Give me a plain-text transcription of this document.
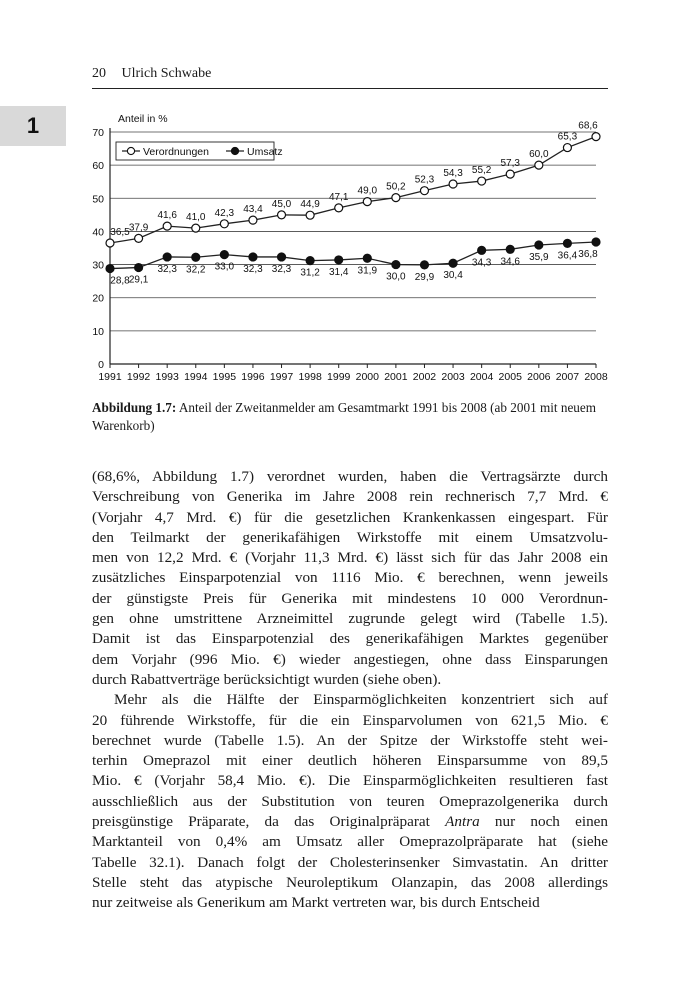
1
20 Ulrich Schwabe
Anteil in %
0
10
20
30
40
50
60
70
1991 1992 1993 1994 1995 1996 1997 1998 1999 2000 2001 2002 2003 2004 2005 2006 2007 2008
36,5 37,9
41,6 41,0 42,3 43,4 45,0 44,9
47,1
49,0 50,2
52,3
54,3 55,2
57,3
60,0
65,3
68,6
28,8 29,1
32,3 32,2 33,0 32,3 32,3 31,2 31,4 31,9
30,0 29,9 30,4
34,3 34,6 35,9 36,4 36,8
Verordnungen	Umsatz
Abbildung 1.7: Anteil der Zweitanmelder am Gesamtmarkt 1991 bis 2008 (ab 2001 mit neuem Warenkorb)

(68,6%, Abbildung 1.7) verordnet wurden, haben die Vertragsärzte durch
Verschreibung von Generika im Jahre 2008 rein rechnerisch 7,7 Mrd. €
(Vorjahr 4,7 Mrd. €) für die gesetzlichen Krankenkassen eingespart. Für
den Teilmarkt der generikafähigen Wirkstoffe mit einem Umsatzvolu-
men von 12,2 Mrd. € (Vorjahr 11,3 Mrd. €) lässt sich für das Jahr 2008 ein
zusätzliches Einsparpotenzial von 1116 Mio. € berechnen, wenn jeweils
der günstigste Preis für Generika mit mindestens 10 000 Verordnun-
gen ohne umstrittene Arzneimittel zugrunde gelegt wird (Tabelle 1.5).
Damit ist das Einsparpotenzial des generikafähigen Marktes gegenüber
dem Vorjahr (996 Mio. €) wieder angestiegen, ohne dass Einsparungen
durch Rabattverträge berücksichtigt wurden (siehe oben).

Mehr als die Hälfte der Einsparmöglichkeiten konzentriert sich auf
20 führende Wirkstoffe, für die ein Einsparvolumen von 621,5 Mio. €
berechnet wurde (Tabelle 1.5). An der Spitze der Wirkstoffe steht wei-
terhin Omeprazol mit einer deutlich höheren Einsparsumme von 89,5
Mio. € (Vorjahr 58,4 Mio. €). Die Einsparmöglichkeiten resultieren fast
ausschließlich aus der Substitution von teuren Omeprazolgenerika durch
preisgünstige Präparate, da das Originalpräparat Antra nur noch einen
Marktanteil von 0,4% am Umsatz aller Omeprazolpräparate hat (siehe
Tabelle 32.1). Danach folgt der Cholesterinsenker Simvastatin. An dritter
Stelle steht das atypische Neuroleptikum Olanzapin, das 2008 allerdings
nur zeitweise als Generikum am Markt vertreten war, bis durch Entscheid
